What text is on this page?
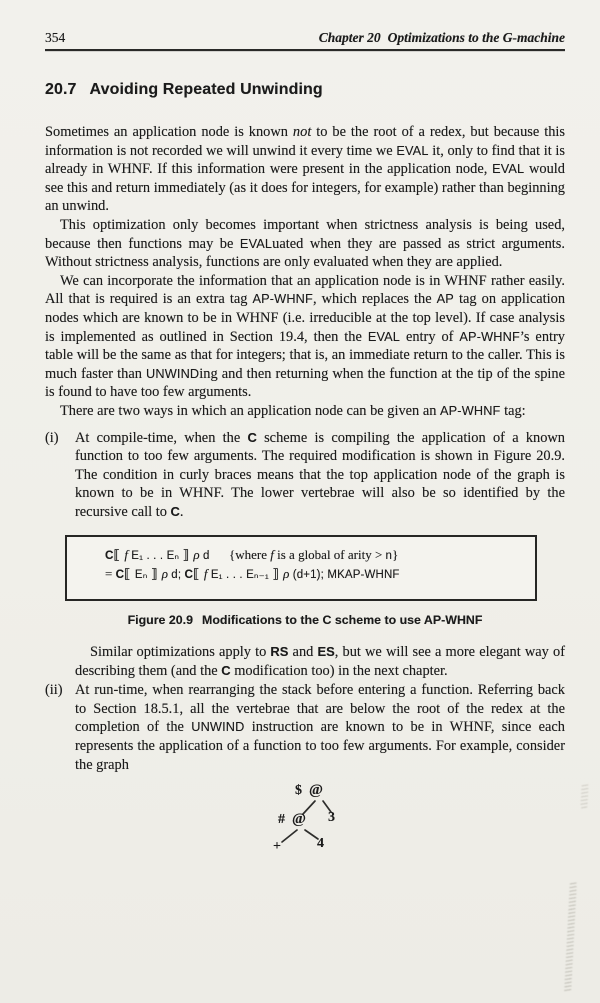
354	Chapter 20 Optimizations to the G-machine
20.7 Avoiding Repeated Unwinding

Sometimes an application node is known not to be the root of a redex, but because this information is not recorded we will unwind it every time we EVAL it, only to find that it is already in WHNF. If this information were present in the application node, EVAL would see this and return immediately (as it does for integers, for example) rather than beginning an unwind.

This optimization only becomes important when strictness analysis is being used, because then functions may be EVALuated when they are passed as strict arguments. Without strictness analysis, functions are only evaluated when they are applied.

We can incorporate the information that an application node is in WHNF rather easily. All that is required is an extra tag AP-WHNF, which replaces the AP tag on application nodes which are known to be in WHNF (i.e. irreducible at the top level). If case analysis is implemented as outlined in Section 19.4, then the EVAL entry of AP-WHNF’s entry table will be the same as that for integers; that is, an immediate return to the caller. This is much faster than UNWINDing and then returning when the function at the tip of the spine is found to have too few arguments.

There are two ways in which an application node can be given an AP-WHNF tag:

(i)	At compile-time, when the C scheme is compiling the application of a known function to too few arguments. The required modification is shown in Figure 20.9. The condition in curly braces means that the top application node of the graph is known to be in WHNF. The lower vertebrae will also be so identified by the recursive call to C.

C⟦ f E₁ . . . Eₙ ⟧ ρ d  {where f is a global of arity > n}
= C⟦ Eₙ ⟧ ρ d; C⟦ f E₁ . . . Eₙ₋₁ ⟧ ρ (d+1); MKAP-WHNF
Figure 20.9 Modifications to the C scheme to use AP-WHNF

Similar optimizations apply to RS and ES, but we will see a more elegant way of describing them (and the C modification too) in the next chapter.

(ii) At run-time, when rearranging the stack before entering a function. Referring back to Section 18.5.1, all the vertebrae that are below the root of the redex at the completion of the UNWIND instruction are known to be in WHNF, since each represents the application of a function to too few arguments. For example, consider the graph

$ @
3
# @
+	4
